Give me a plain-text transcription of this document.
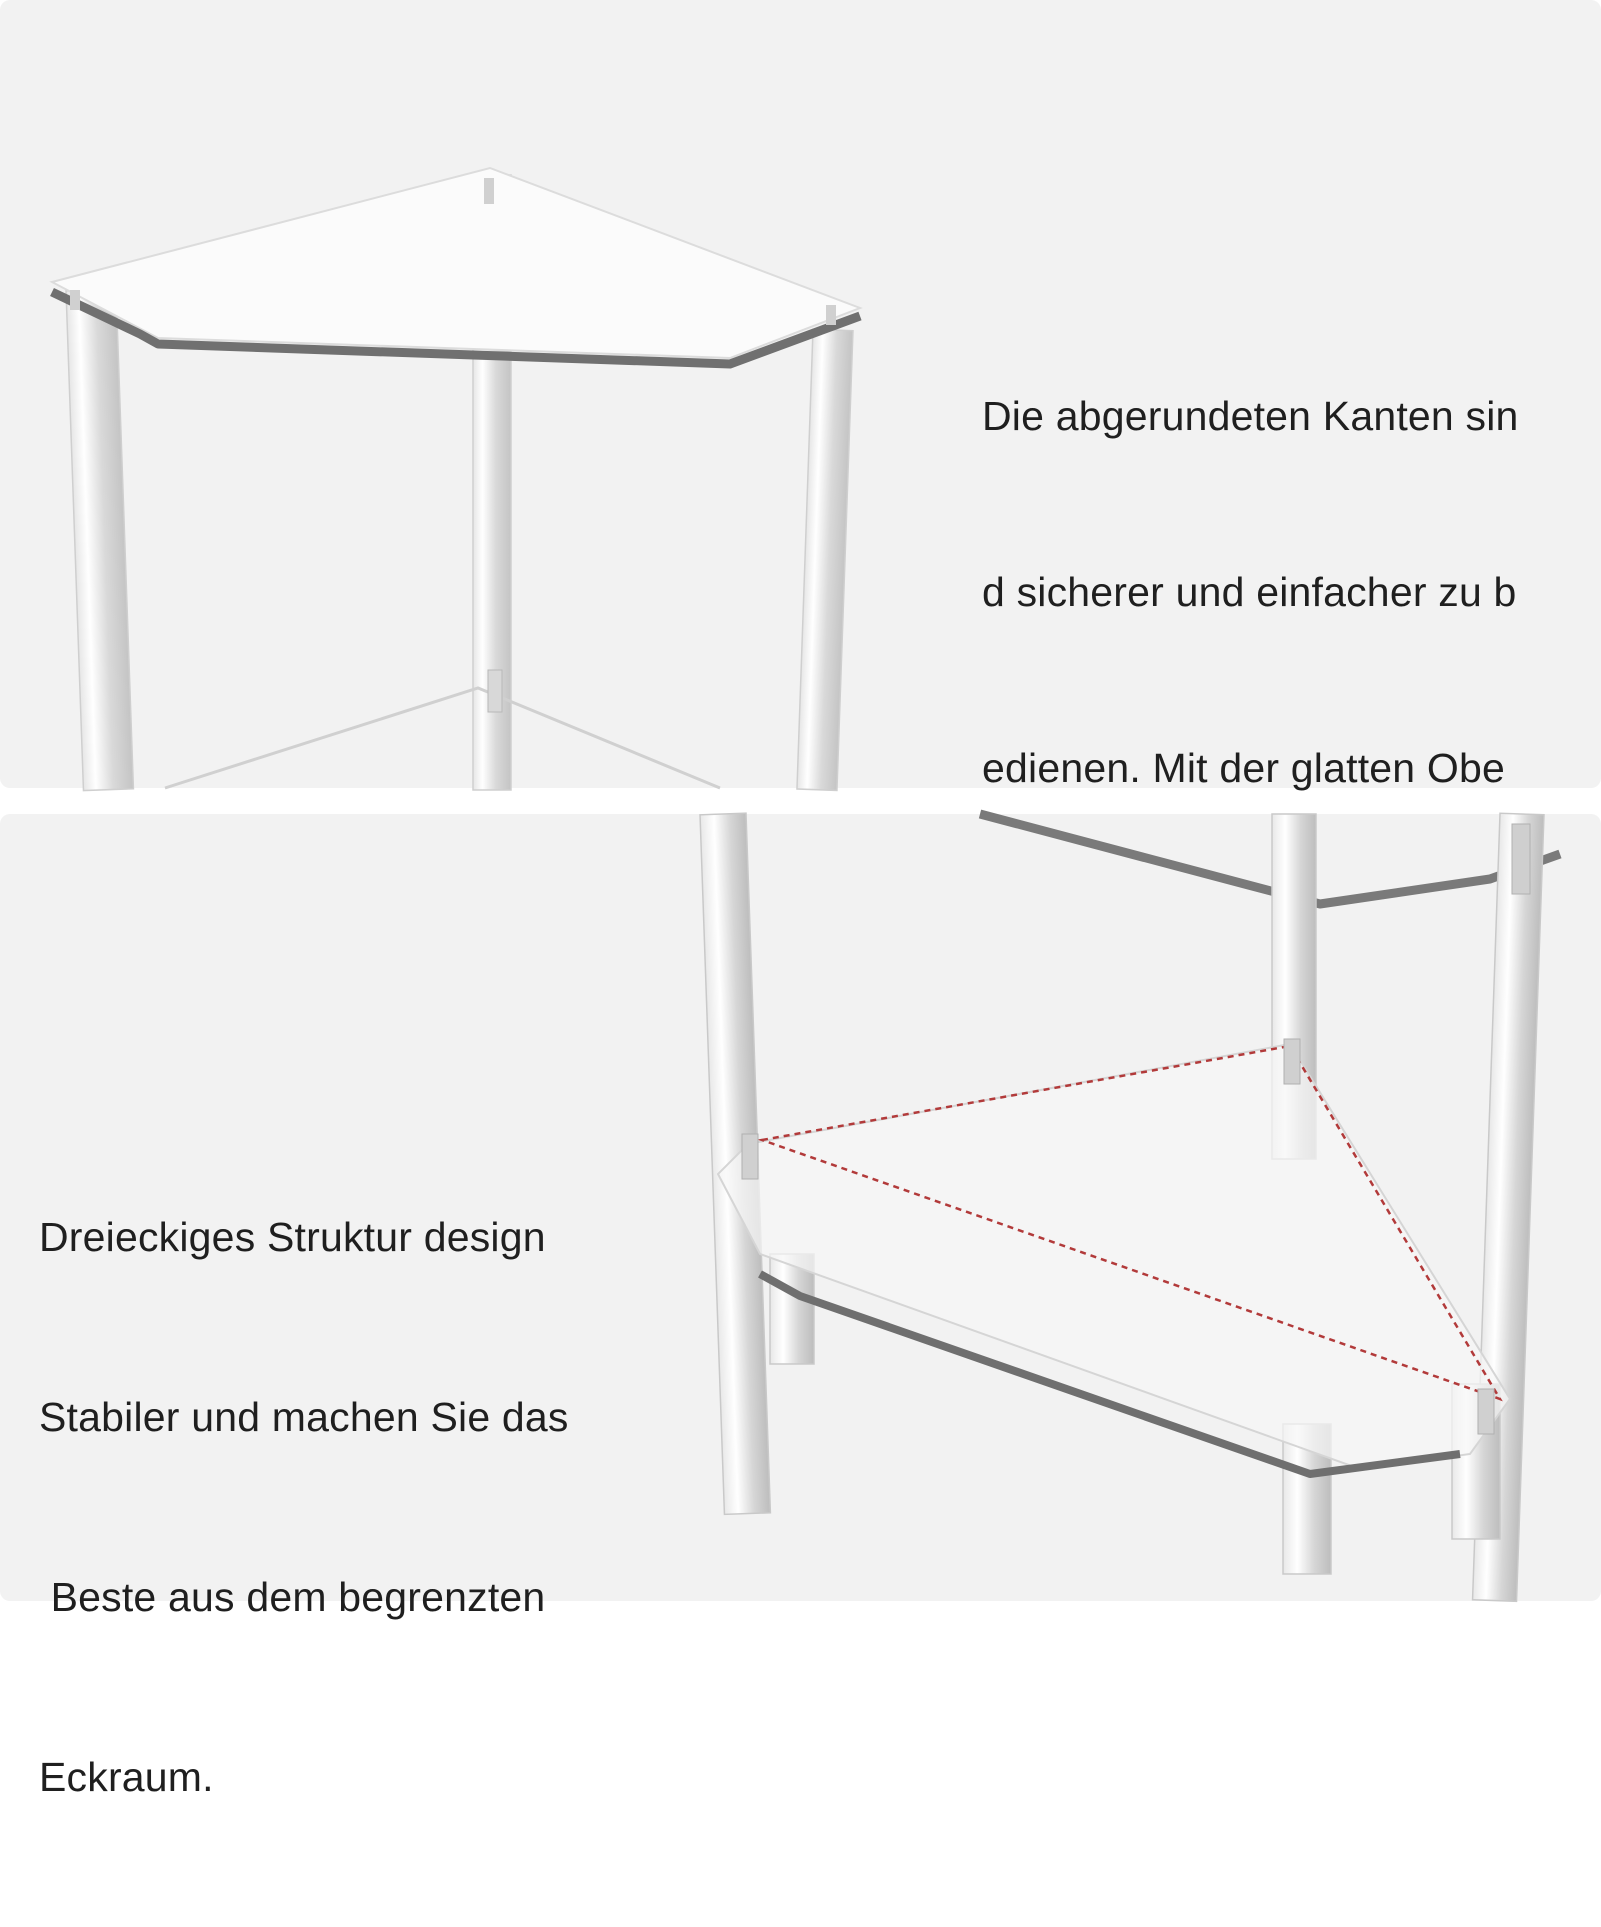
Die abgerundeten Kanten sin

d sicherer und einfacher zu b

edienen. Mit der glatten Obe

Dreieckiges Struktur design

Stabiler und machen Sie das

Beste aus dem begrenzten

Eckraum.
